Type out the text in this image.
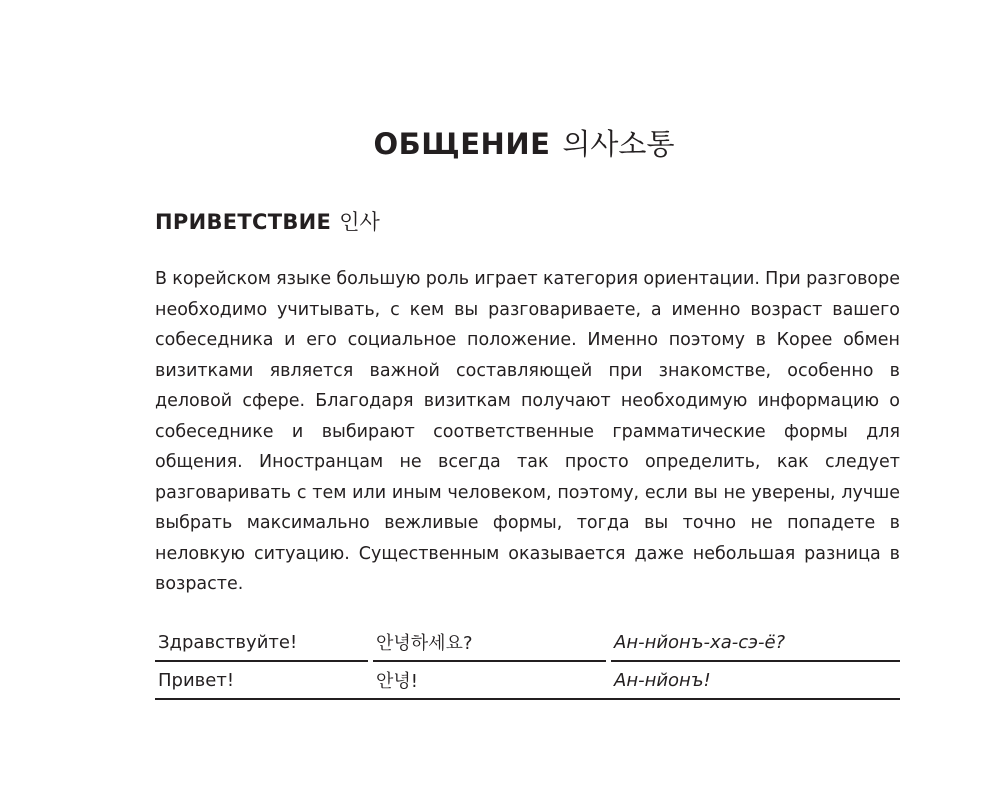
ОБЩЕНИЕ 의사소통
ПРИВЕТСТВИЕ 인사

В корейском языке большую роль играет категория ориентации. При разговоре необходимо учитывать, с кем вы разговариваете, а именно возраст вашего собеседника и его социальное положение. Именно поэтому в Корее обмен визитками является важной составляющей при знакомстве, особенно в деловой сфере. Благодаря визиткам получают необходимую информацию о собеседнике и выбирают соответственные грамматические формы для общения. Иностранцам не всегда так просто определить, как следует разговаривать с тем или иным человеком, поэтому, если вы не уверены, лучше выбрать максимально вежливые формы, тогда вы точно не попадете в неловкую ситуацию. Существенным оказывается даже небольшая разница в возрасте.

Здравствуйте!		안녕하세요?		Ан-нйонъ-ха-сэ-ё?
Привет!		안녕!		Ан-нйонъ!
